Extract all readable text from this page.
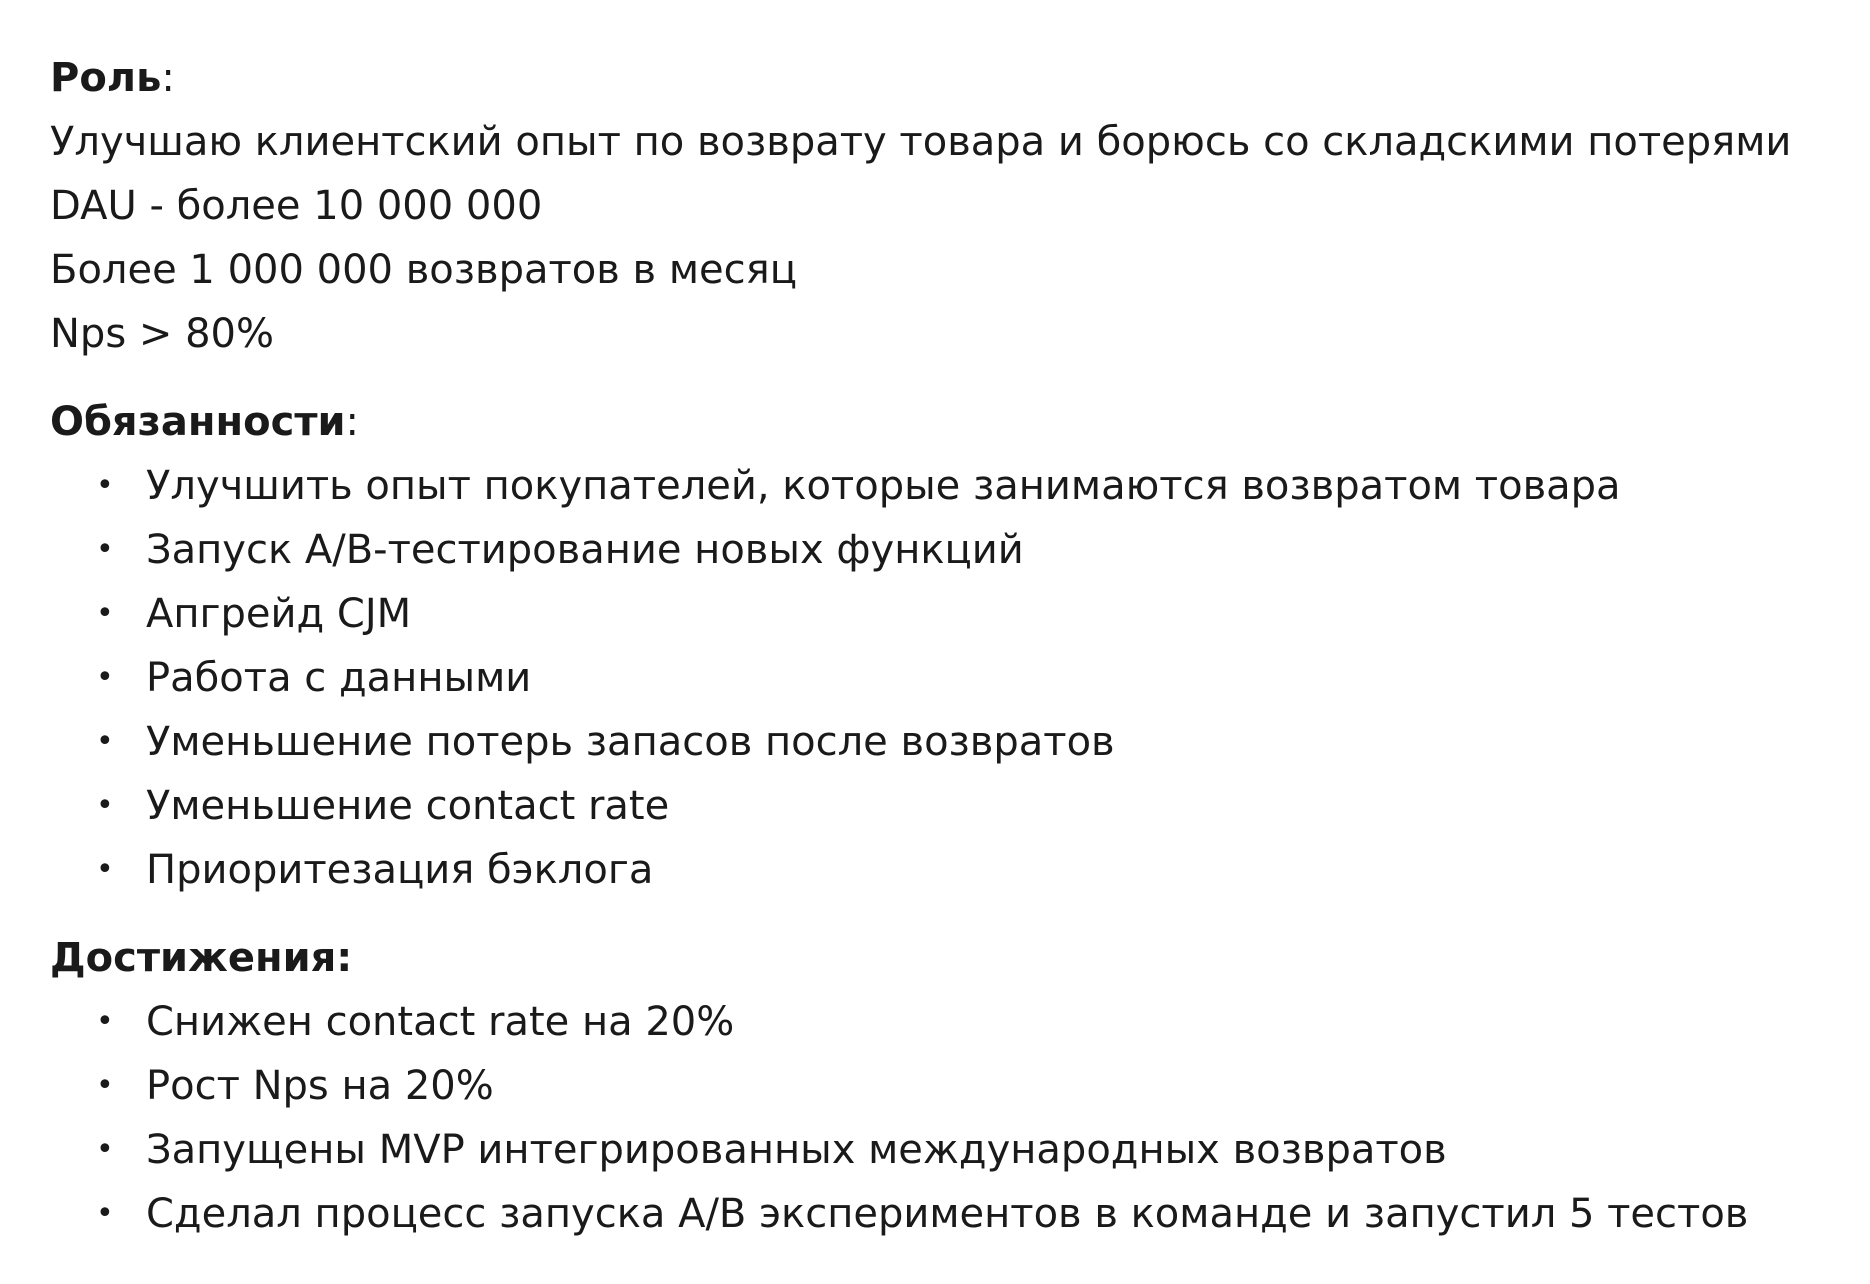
Роль:

Улучшаю клиентский опыт по возврату товара и борюсь со складскими потерями

DAU - более 10 000 000

Более 1 000 000 возвратов в месяц

Nps > 80%

Обязанности:

• Улучшить опыт покупателей, которые занимаются возвратом товара
• Запуск A/B-тестирование новых функций
• Апгрейд CJM
• Работа с данными
• Уменьшение потерь запасов после возвратов
• Уменьшение contact rate
• Приоритезация бэклога

Достижения:

• Снижен contact rate на 20%
• Рост Nps на 20%
• Запущены MVP интегрированных международных возвратов
• Сделал процесс запуска A/B экспериментов в команде и запустил 5 тестов
